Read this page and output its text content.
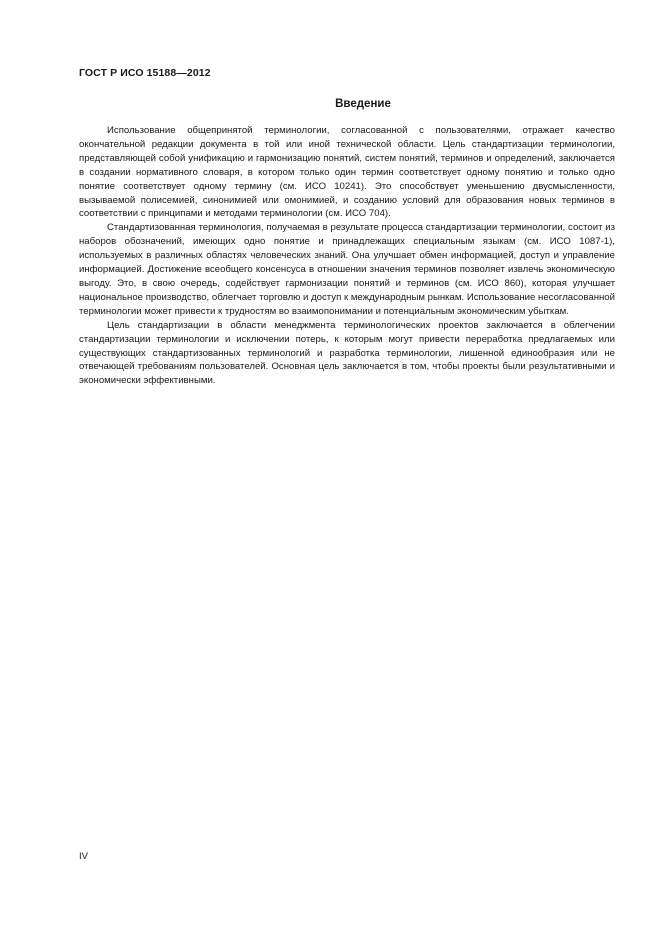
ГОСТ Р ИСО 15188—2012
Введение

Использование общепринятой терминологии, согласованной с пользователями, отражает качество окончательной редакции документа в той или иной технической области. Цель стандартизации терминологии, представляющей собой унификацию и гармонизацию понятий, систем понятий, терминов и определений, заключается в создании нормативного словаря, в котором только один термин соответствует одному понятию и только одно понятие соответствует одному термину (см. ИСО 10241). Это способствует уменьшению двусмысленности, вызываемой полисемией, синонимией или омонимией, и созданию условий для образования новых терминов в соответствии с принципами и методами терминологии (см. ИСО 704).

Стандартизованная терминология, получаемая в результате процесса стандартизации терминологии, состоит из наборов обозначений, имеющих одно понятие и принадлежащих специальным языкам (см. ИСО 1087-1), используемых в различных областях человеческих знаний. Она улучшает обмен информацией, доступ и управление информацией. Достижение всеобщего консенсуса в отношении значения терминов позволяет извлечь экономическую выгоду. Это, в свою очередь, содействует гармонизации понятий и терминов (см. ИСО 860), которая улучшает национальное производство, облегчает торговлю и доступ к международным рынкам. Использование несогласованной терминологии может привести к трудностям во взаимопонимании и потенциальным экономическим убыткам.

Цель стандартизации в области менеджмента терминологических проектов заключается в облегчении стандартизации терминологии и исключении потерь, к которым могут привести переработка предлагаемых или существующих стандартизованных терминологий и разработка терминологии, лишенной единообразия или не отвечающей требованиям пользователей. Основная цель заключается в том, чтобы проекты были результативными и экономически эффективными.

IV
